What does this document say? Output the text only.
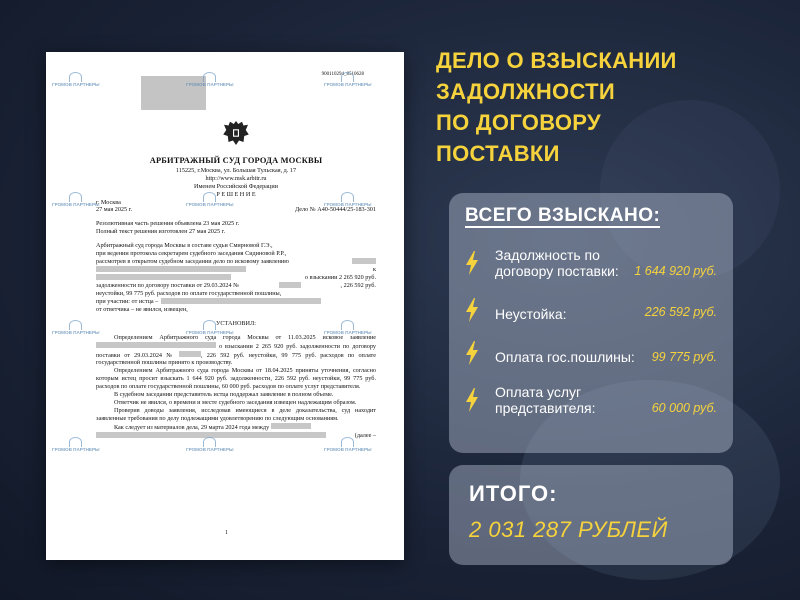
900110294_8510628
АРБИТРАЖНЫЙ СУД ГОРОДА МОСКВЫ
115225, г.Москва, ул. Большая Тульская, д. 17
http://www.msk.arbitr.ru
Именем Российской Федерации
Р Е Ш Е Н И Е
г. Москва
27 мая 2025 г.	Дело № А40-50444/25-183-301

Резолютивная часть решения объявлена 23 мая 2025 г.

Полный текст решения изготовлен 27 мая 2025 г.

Арбитражный суд города Москвы в составе судьи Смирновой Г.Э.,

при ведении протокола секретарем судебного заседания Сидиновой Р.Р.,

рассмотрев в открытом судебном заседании дело по исковому заявлению

к

о взыскании 2 265 920 руб.

задолженности по договору поставки от 29.03.2024 №	, 226 592 руб.

неустойки, 99 775 руб. расходов по оплате государственной пошлины,

при участии: от истца –

от ответчика – не явился, извещен,

УСТАНОВИЛ:

Определением Арбитражного суда города Москвы от 11.03.2025 исковое заявление  о взыскании 2 265 920 руб. задолженности по договору поставки от 29.03.2024 №	, 226 592 руб. неустойки, 99 775 руб. расходов по оплате государственной пошлины принято к производству.

Определением Арбитражного суда города Москвы от 18.04.2025 приняты уточнения, согласно которым истец просит взыскать 1 644 920 руб. задолженности, 226 592 руб. неустойки, 99 775 руб. расходов по оплате государственной пошлины, 60 000 руб. расходов по оплате услуг представителя.

В судебном заседании представитель истца поддержал заявление в полном объеме.

Ответчик не явился, о времени и месте судебного заседания извещен надлежащим образом.

Проверив доводы заявления, исследовав имеющиеся в деле доказательства, суд находит заявленные требования по делу подлежащими удовлетворению по следующим основаниям.

Как следует из материалов дела, 29 марта 2024 года между

(далее –

1
ГРОМОВ ПАРТНЕРЫ	ГРОМОВ ПАРТНЕРЫ	ГРОМОВ ПАРТНЕРЫ
ГРОМОВ ПАРТНЕРЫ	ГРОМОВ ПАРТНЕРЫ	ГРОМОВ ПАРТНЕРЫ
ГРОМОВ ПАРТНЕРЫ	ГРОМОВ ПАРТНЕРЫ	ГРОМОВ ПАРТНЕРЫ
ГРОМОВ ПАРТНЕРЫ	ГРОМОВ ПАРТНЕРЫ	ГРОМОВ ПАРТНЕРЫ
ДЕЛО О ВЗЫСКАНИИ
ЗАДОЛЖНОСТИ
ПО ДОГОВОРУ
ПОСТАВКИ
ВСЕГО ВЗЫСКАНО:
Задолжность по договору поставки:	1 644 920 руб.
Неустойка:	226 592 руб.
Оплата гос.пошлины:	99 775 руб.
Оплата услуг представителя:	60 000 руб.
ИТОГО:
2 031 287 РУБЛЕЙ
